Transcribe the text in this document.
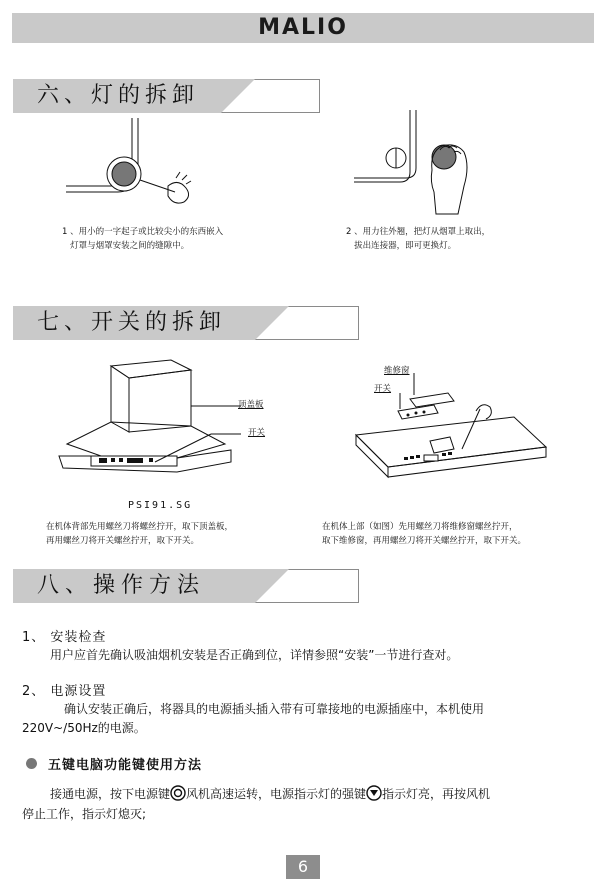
MALIO
六、灯的拆卸
1 、用小的一字起子或比较尖小的东西嵌入
灯罩与烟罩安装之间的缝隙中。
2 、用力往外翘，把灯从烟罩上取出，
拔出连接器，即可更换灯。
七、开关的拆卸
顶盖板
开关
PSI91.SG
在机体背部先用螺丝刀将螺丝拧开，取下顶盖板，
再用螺丝刀将开关螺丝拧开，取下开关。
维修窗
开关
在机体上部（如图）先用螺丝刀将维修窗螺丝拧开，
取下维修窗，再用螺丝刀将开关螺丝拧开，取下开关。
八、操作方法
1、 安装检查
用户应首先确认吸油烟机安装是否正确到位，详情参照“安装”一节进行查对。
2、 电源设置
确认安装正确后，将器具的电源插头插入带有可靠接地的电源插座中，本机使用
220V~/50Hz的电源。
五键电脑功能键使用方法
接通电源，按下电源键 风机高速运转，电源指示灯的强键 指示灯亮，再按风机
停止工作，指示灯熄灭;
6
